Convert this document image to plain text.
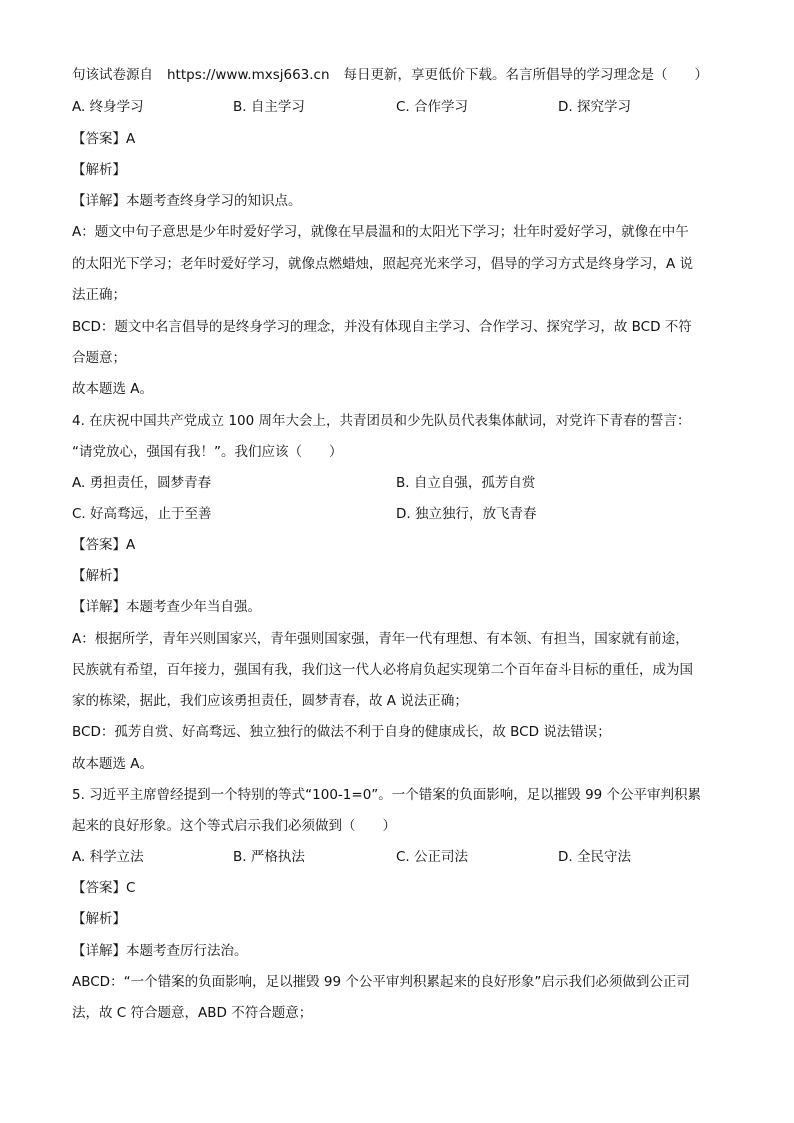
句该试卷源自 https://www.mxsj663.cn 每日更新，享更低价下载。名言所倡导的学习理念是（　　）
A. 终身学习	B. 自主学习	C. 合作学习	D. 探究学习
【答案】A
【解析】
【详解】本题考查终身学习的知识点。
A：题文中句子意思是少年时爱好学习，就像在早晨温和的太阳光下学习；壮年时爱好学习，就像在中午
的太阳光下学习；老年时爱好学习，就像点燃蜡烛，照起亮光来学习，倡导的学习方式是终身学习，A 说
法正确；
BCD：题文中名言倡导的是终身学习的理念，并没有体现自主学习、合作学习、探究学习，故 BCD 不符
合题意；
故本题选 A。
4. 在庆祝中国共产党成立 100 周年大会上，共青团员和少先队员代表集体献词，对党许下青春的誓言：
“请党放心，强国有我！”。我们应该（　　）
A. 勇担责任，圆梦青春	B. 自立自强，孤芳自赏
C. 好高骛远，止于至善	D. 独立独行，放飞青春
【答案】A
【解析】
【详解】本题考查少年当自强。
A：根据所学，青年兴则国家兴，青年强则国家强，青年一代有理想、有本领、有担当，国家就有前途，
民族就有希望，百年接力，强国有我，我们这一代人必将肩负起实现第二个百年奋斗目标的重任，成为国
家的栋梁，据此，我们应该勇担责任，圆梦青春，故 A 说法正确；
BCD：孤芳自赏、好高骛远、独立独行的做法不利于自身的健康成长，故 BCD 说法错误；
故本题选 A。
5. 习近平主席曾经提到一个特别的等式“100-1=0”。一个错案的负面影响，足以摧毁 99 个公平审判积累
起来的良好形象。这个等式启示我们必须做到（　　）
A. 科学立法	B. 严格执法	C. 公正司法	D. 全民守法
【答案】C
【解析】
【详解】本题考查厉行法治。
ABCD：“一个错案的负面影响，足以摧毁 99 个公平审判积累起来的良好形象”启示我们必须做到公正司
法，故 C 符合题意，ABD 不符合题意；
